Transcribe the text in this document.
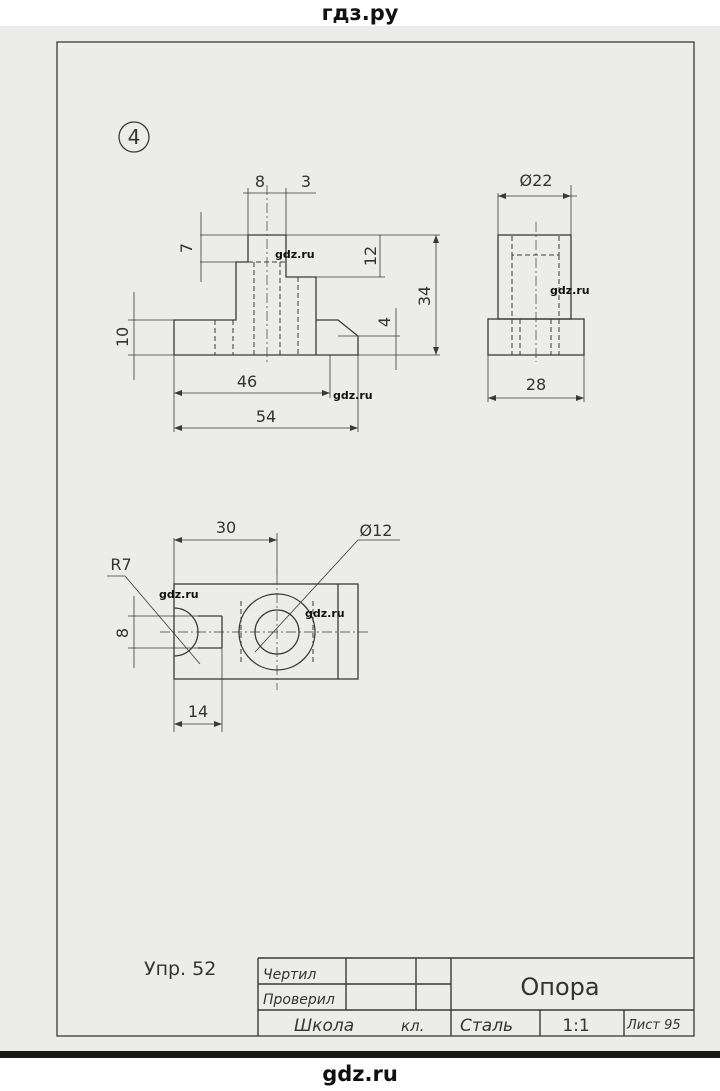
гдз.ру
4
8 3
7	12
34
10
4
46
54
Ø22
28
30	Ø12
R7
8
14
Упр. 52	Чертил
Проверил	Опора
Школа	кл. Сталь	1:1	Лист 95
gdz.ru
gdz.ru
gdz.ru
gdz.ru
gdz.ru
gdz.ru
